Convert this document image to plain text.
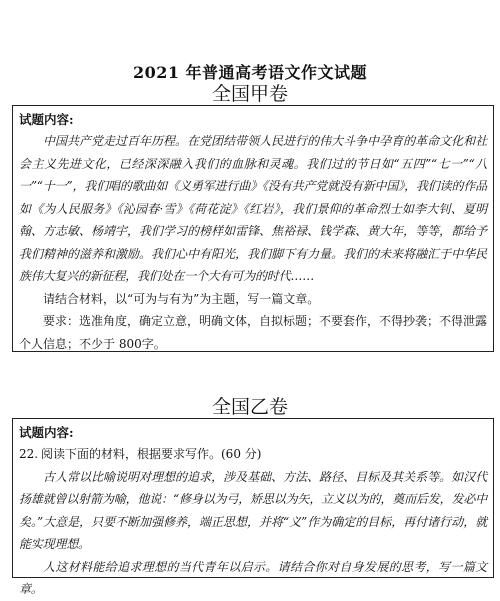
2021 年普通高考语文作文试题
全国甲卷
试题内容:

中国共产党走过百年历程。在党团结带领人民进行的伟大斗争中孕育的革命文化和社会主义先进文化，已经深深融入我们的血脉和灵魂。我们过的节日如“五四”“七一”“八一”“十一”，我们唱的歌曲如《义勇军进行曲》《没有共产党就没有新中国》，我们读的作品如《为人民服务》《沁园春·雪》《荷花淀》《红岩》，我们景仰的革命烈士如李大钊、夏明翰、方志敏、杨靖宇，我们学习的榜样如雷锋、焦裕禄、钱学森、黄大年，等等，都给予我们精神的滋养和激励。我们心中有阳光，我们脚下有力量。我们的未来将融汇于中华民族伟大复兴的新征程，我们处在一个大有可为的时代……

请结合材料，以“可为与有为”为主题，写一篇文章。

要求：选准角度，确定立意，明确文体，自拟标题；不要套作，不得抄袭；不得泄露个人信息；不少于 800字。

全国乙卷
试题内容:

22. 阅读下面的材料，根据要求写作。(60 分)

古人常以比喻说明对理想的追求，涉及基础、方法、路径、目标及其关系等。如汉代扬雄就曾以射箭为喻，他说：“修身以为弓，矫思以为矢，立义以为的，奠而后发，发必中矣。”大意是，只要不断加强修养，端正思想，并将“义”作为确定的目标，再付诸行动，就能实现理想。

人这材料能给追求理想的当代青年以启示。请结合你对自身发展的思考，写一篇文章。
